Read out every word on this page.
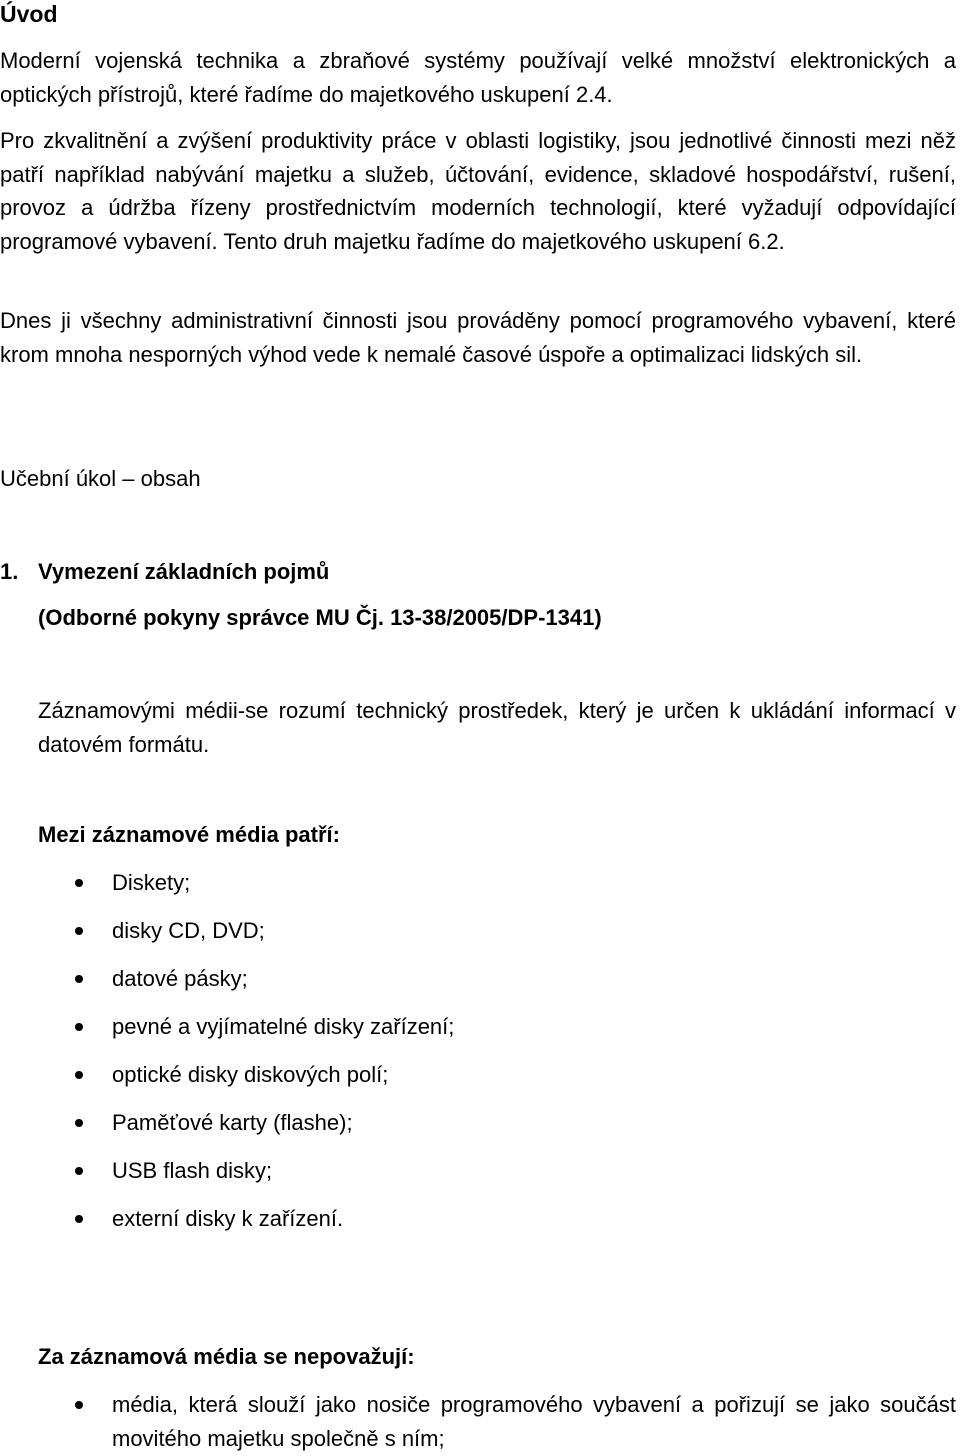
Úvod

Moderní vojenská technika a zbraňové systémy používají velké množství elektronických a optických přístrojů, které řadíme do majetkového uskupení 2.4.

Pro zkvalitnění a zvýšení produktivity práce v oblasti logistiky, jsou jednotlivé činnosti mezi něž patří například nabývání majetku a služeb, účtování, evidence, skladové hospodářství, rušení, provoz a údržba řízeny prostřednictvím moderních technologií, které vyžadují odpovídající programové vybavení. Tento druh majetku řadíme do majetkového uskupení 6.2.

Dnes ji všechny administrativní činnosti jsou prováděny pomocí programového vybavení, které krom mnoha nesporných výhod vede k nemalé časové úspoře a optimalizaci lidských sil.

Učební úkol – obsah

1. Vymezení základních pojmů

(Odborné pokyny správce MU Čj. 13-38/2005/DP-1341)

Záznamovými médii-se rozumí technický prostředek, který je určen k ukládání informací v datovém formátu.

Mezi záznamové média patří:

Diskety;
disky CD, DVD;
datové pásky;
pevné a vyjímatelné disky zařízení;
optické disky diskových polí;
Paměťové karty (flashe);
USB flash disky;
externí disky k zařízení.

Za záznamová média se nepovažují:

média, která slouží jako nosiče programového vybavení a pořizují se jako součást movitého majetku společně s ním;
